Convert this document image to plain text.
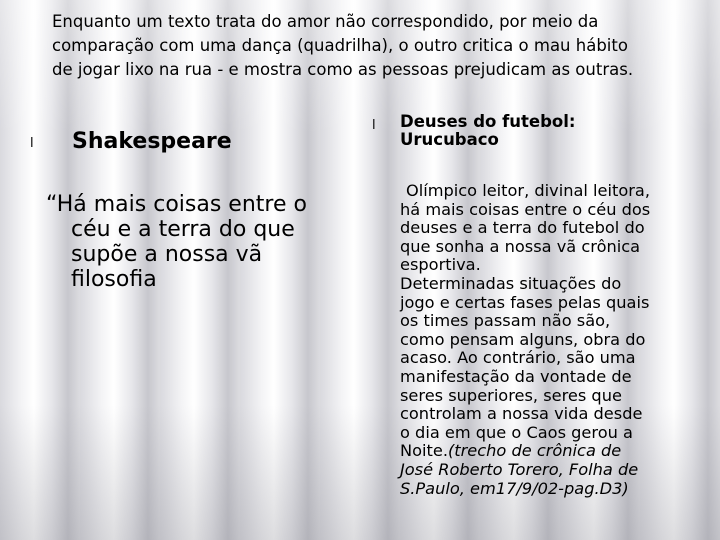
Enquanto um texto trata do amor não correspondido, por meio da
comparação com uma dança (quadrilha), o outro critica o mau hábito
de jogar lixo na rua - e mostra como as pessoas prejudicam as outras.
l Shakespeare
“Há mais coisas entre o
céu e a terra do que
supõe a nossa vã
filosofia
l Deuses do futebol:
Urucubaco
Olímpico leitor, divinal leitora,
há mais coisas entre o céu dos
deuses e a terra do futebol do
que sonha a nossa vã crônica
esportiva.
Determinadas situações do
jogo e certas fases pelas quais
os times passam não são,
como pensam alguns, obra do
acaso. Ao contrário, são uma
manifestação da vontade de
seres superiores, seres que
controlam a nossa vida desde
o dia em que o Caos gerou a
Noite.(trecho de crônica de
José Roberto Torero, Folha de
S.Paulo, em17/9/02-pag.D3)
